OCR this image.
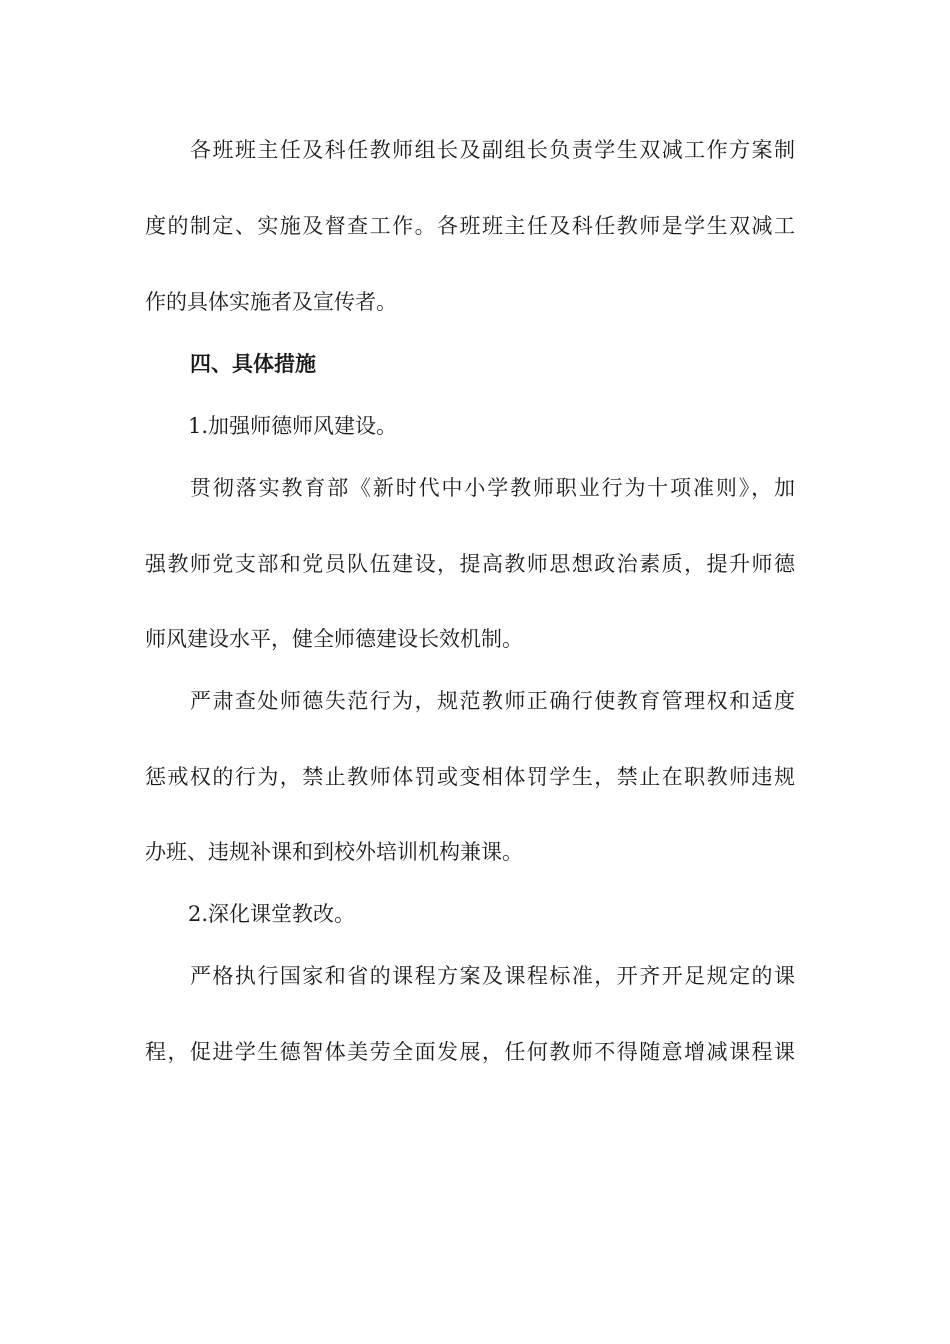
各班班主任及科任教师组长及副组长负责学生双减工作方案制
度的制定、实施及督查工作。各班班主任及科任教师是学生双减工
作的具体实施者及宣传者。
四、具体措施
1.加强师德师风建设。
贯彻落实教育部《新时代中小学教师职业行为十项准则》，加
强教师党支部和党员队伍建设，提高教师思想政治素质，提升师德
师风建设水平，健全师德建设长效机制。
严肃查处师德失范行为，规范教师正确行使教育管理权和适度
惩戒权的行为，禁止教师体罚或变相体罚学生，禁止在职教师违规
办班、违规补课和到校外培训机构兼课。
2.深化课堂教改。
严格执行国家和省的课程方案及课程标准，开齐开足规定的课
程，促进学生德智体美劳全面发展，任何教师不得随意增减课程课
